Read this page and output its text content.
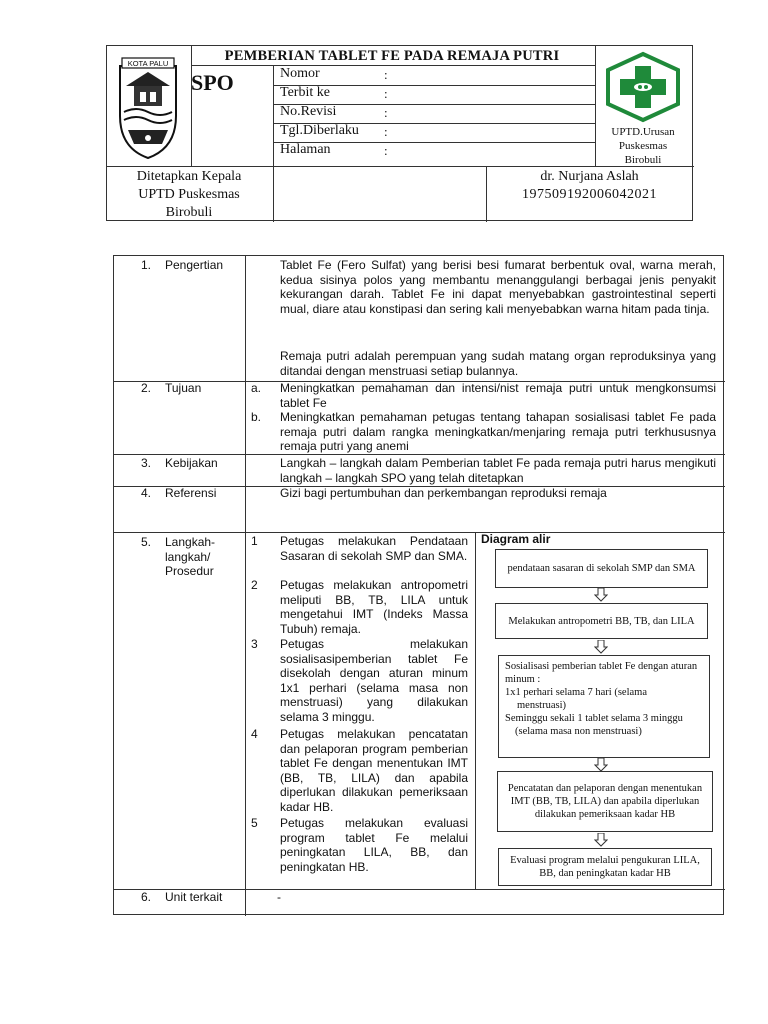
KOTA PALU	PEMBERIAN TABLET FE PADA REMAJA PUTRI
SPO	Nomor	:
Terbit ke	:
No.Revisi	:
Tgl.Diberlaku :
Halaman	:
UPTD.Urusan
Puskesmas
Birobuli
Ditetapkan Kepala
UPTD Puskesmas
Birobuli
dr. Nurjana Aslah
197509192006042021
1. Pengertian	Tablet Fe (Fero Sulfat) yang berisi besi fumarat berbentuk oval, warna merah, kedua sisinya polos yang membantu menanggulangi berbagai jenis penyakit kekurangan darah. Tablet Fe ini dapat menyebabkan gastrointestinal seperti mual, diare atau konstipasi dan sering kali menyebabkan warna hitam pada tinja.
Remaja putri adalah perempuan yang sudah matang organ reproduksinya yang ditandai dengan menstruasi setiap bulannya.
2. Tujuan	a. Meningkatkan pemahaman dan intensi/nist remaja putri untuk mengkonsumsi tablet Fe
b. Meningkatkan pemahaman petugas tentang tahapan sosialisasi tablet Fe pada remaja putri dalam rangka meningkatkan/menjaring remaja putri terkhususnya remaja putri yang anemi
3. Kebijakan	Langkah – langkah dalam Pemberian tablet Fe pada remaja putri harus mengikuti langkah – langkah SPO yang telah ditetapkan
4. Referensi	Gizi bagi pertumbuhan dan perkembangan reproduksi remaja
5. Langkah-
langkah/
Prosedur
1 Petugas melakukan Pendataan Sasaran di sekolah SMP dan SMA.
2 Petugas melakukan antropometri meliputi BB, TB, LILA untuk mengetahui IMT (Indeks Massa Tubuh) remaja.
3 Petugas melakukan sosialisasipemberian tablet Fe disekolah dengan aturan minum 1x1 perhari (selama masa non menstruasi) yang dilakukan selama 3 minggu.
4 Petugas melakukan pencatatan dan pelaporan program pemberian tablet Fe dengan menentukan IMT (BB, TB, LILA) dan apabila diperlukan dilakukan pemeriksaan kadar HB.
5 Petugas melakukan evaluasi program tablet Fe melalui peningkatan LILA, BB, dan peningkatan HB.
Diagram alir
pendataan sasaran di sekolah SMP dan SMA
Melakukan antropometri BB, TB, dan LILA
Sosialisasi pemberian tablet Fe dengan aturan minum :
1x1 perhari selama 7 hari (selama
menstruasi)
Seminggu sekali 1 tablet selama 3 minggu
(selama masa non menstruasi)
Pencatatan dan pelaporan dengan menentukan IMT (BB, TB, LILA) dan apabila diperlukan dilakukan pemeriksaan kadar HB
Evaluasi program melalui pengukuran LILA, BB, dan peningkatan kadar HB
6. Unit terkait	-
